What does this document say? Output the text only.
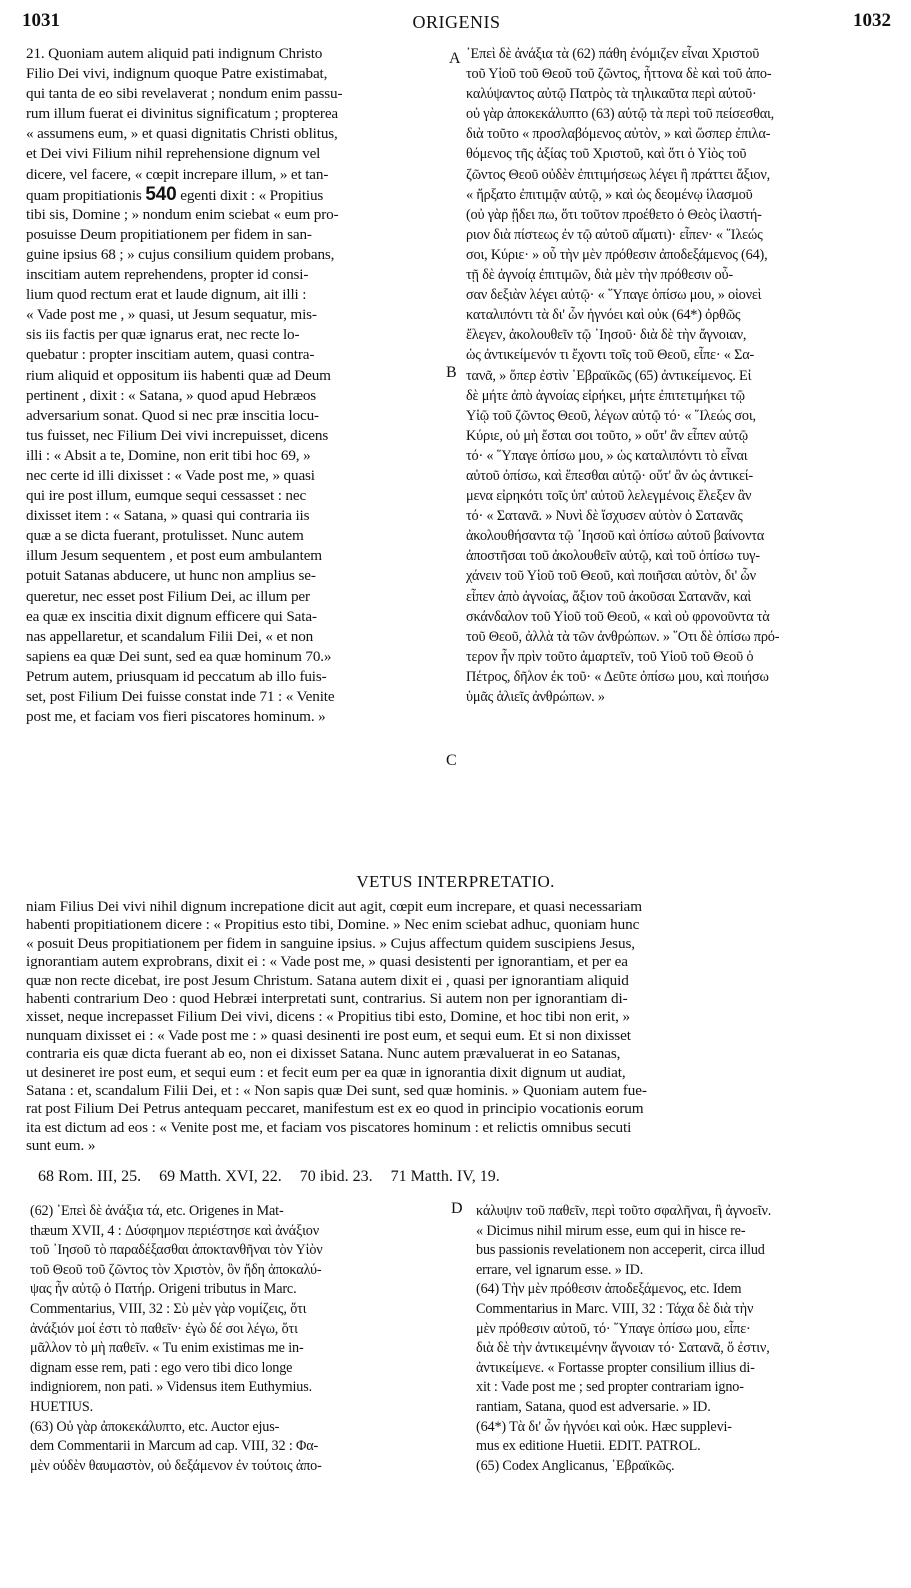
1031	ORIGENIS	1032
21. Quoniam autem aliquid pati indignum Christo
Filio Dei vivi, indignum quoque Patre existimabat,
qui tanta de eo sibi revelaverat ; nondum enim passu-
rum illum fuerat ei divinitus significatum ; propterea
« assumens eum, » et quasi dignitatis Christi oblitus,
et Dei vivi Filium nihil reprehensione dignum vel
dicere, vel facere, « cœpit increpare illum, » et tan-
quam propitiationis 540 egenti dixit : « Propitius
tibi sis, Domine ; » nondum enim sciebat « eum pro-
posuisse Deum propitiationem per fidem in san-
guine ipsius 68 ; » cujus consilium quidem probans,
inscitiam autem reprehendens, propter id consi-
lium quod rectum erat et laude dignum, ait illi :
« Vade post me , » quasi, ut Jesum sequatur, mis-
sis iis factis per quæ ignarus erat, nec recte lo-
quebatur : propter inscitiam autem, quasi contra-
rium aliquid et oppositum iis habenti quæ ad Deum
pertinent , dixit : « Satana, » quod apud Hebræos
adversarium sonat. Quod si nec præ inscitia locu-
tus fuisset, nec Filium Dei vivi increpuisset, dicens
illi : « Absit a te, Domine, non erit tibi hoc 69, »
nec certe id illi dixisset : « Vade post me, » quasi
qui ire post illum, eumque sequi cessasset : nec
dixisset item : « Satana, » quasi qui contraria iis
quæ a se dicta fuerant, protulisset. Nunc autem
illum Jesum sequentem , et post eum ambulantem
potuit Satanas abducere, ut hunc non amplius se-
queretur, nec esset post Filium Dei, ac illum per
ea quæ ex inscitia dixit dignum efficere qui Sata-
nas appellaretur, et scandalum Filii Dei, « et non
sapiens ea quæ Dei sunt, sed ea quæ hominum 70.»
Petrum autem, priusquam id peccatum ab illo fuis-
set, post Filium Dei fuisse constat inde 71 : « Venite
post me, et faciam vos fieri piscatores hominum. »
᾿Επεὶ δὲ ἀνάξια τὰ (62) πάθη ἐνόμιζεν εἶναι Χριστοῦ
τοῦ Υἱοῦ τοῦ Θεοῦ τοῦ ζῶντος, ἧττονα δὲ καὶ τοῦ ἀπο-
καλύψαντος αὐτῷ Πατρὸς τὰ τηλικαῦτα περὶ αὐτοῦ·
οὐ γὰρ ἀποκεκάλυπτο (63) αὐτῷ τὰ περὶ τοῦ πείσεσθαι,
διὰ τοῦτο « προσλαβόμενος αὐτὸν, » καὶ ὥσπερ ἐπιλα-
θόμενος τῆς ἀξίας τοῦ Χριστοῦ, καὶ ὅτι ὁ Υἱὸς τοῦ
ζῶντος Θεοῦ οὐδὲν ἐπιτιμήσεως λέγει ἢ πράττει ἄξιον,
« ἤρξατο ἐπιτιμᾷν αὐτῷ, » καὶ ὡς δεομένῳ ἱλασμοῦ
(οὐ γὰρ ᾔδει πω, ὅτι τοῦτον προέθετο ὁ Θεὸς ἱλαστή-
ριον διὰ πίστεως ἐν τῷ αὐτοῦ αἵματι)· εἶπεν· « ῞Ιλεώς
σοι, Κύριε· » οὗ τὴν μὲν πρόθεσιν ἀποδεξάμενος (64),
τῇ δὲ ἀγνοίᾳ ἐπιτιμῶν, διὰ μὲν τὴν πρόθεσιν οὖ-
σαν δεξιὰν λέγει αὐτῷ· « ῞Υπαγε ὀπίσω μου, » οἱονεὶ
καταλιπόντι τὰ δι' ὧν ἠγνόει καὶ οὐκ (64*) ὀρθῶς
ἔλεγεν, ἀκολουθεῖν τῷ ᾿Ιησοῦ· διὰ δὲ τὴν ἄγνοιαν,
ὡς ἀντικείμενόν τι ἔχοντι τοῖς τοῦ Θεοῦ, εἶπε· « Σα-
τανᾶ, » ὅπερ ἐστὶν ῾Εβραϊκῶς (65) ἀντικείμενος. Εἰ
δὲ μήτε ἀπὸ ἀγνοίας εἰρήκει, μήτε ἐπιτετιμήκει τῷ
Υἱῷ τοῦ ζῶντος Θεοῦ, λέγων αὐτῷ τό· « ῞Ιλεώς σοι,
Κύριε, οὐ μὴ ἔσται σοι τοῦτο, » οὔτ' ἂν εἶπεν αὐτῷ
τό· « ῞Υπαγε ὀπίσω μου, » ὡς καταλιπόντι τὸ εἶναι
αὐτοῦ ὀπίσω, καὶ ἕπεσθαι αὐτῷ· οὔτ' ἂν ὡς ἀντικεί-
μενα εἰρηκότι τοῖς ὑπ' αὐτοῦ λελεγμένοις ἔλεξεν ἂν
τό· « Σατανᾶ. » Νυνὶ δὲ ἴσχυσεν αὐτὸν ὁ Σατανᾶς
ἀκολουθήσαντα τῷ ᾿Ιησοῦ καὶ ὀπίσω αὐτοῦ βαίνοντα
ἀποστῆσαι τοῦ ἀκολουθεῖν αὐτῷ, καὶ τοῦ ὀπίσω τυγ-
χάνειν τοῦ Υἱοῦ τοῦ Θεοῦ, καὶ ποιῆσαι αὐτὸν, δι' ὧν
εἶπεν ἀπὸ ἀγνοίας, ἄξιον τοῦ ἀκοῦσαι Σατανᾶν, καὶ
σκάνδαλον τοῦ Υἱοῦ τοῦ Θεοῦ, « καὶ οὐ φρονοῦντα τὰ
τοῦ Θεοῦ, ἀλλὰ τὰ τῶν ἀνθρώπων. » ῞Οτι δὲ ὀπίσω πρό-
τερον ἦν πρὶν τοῦτο ἁμαρτεῖν, τοῦ Υἱοῦ τοῦ Θεοῦ ὁ
Πέτρος, δῆλον ἐκ τοῦ· « Δεῦτε ὀπίσω μου, καὶ ποιήσω
ὑμᾶς ἁλιεῖς ἀνθρώπων. »
A
B
C
D
VETUS INTERPRETATIO.
niam Filius Dei vivi nihil dignum increpatione dicit aut agit, cœpit eum increpare, et quasi necessariam
habenti propitiationem dicere : « Propitius esto tibi, Domine. » Nec enim sciebat adhuc, quoniam hunc
« posuit Deus propitiationem per fidem in sanguine ipsius. » Cujus affectum quidem suscipiens Jesus,
ignorantiam autem exprobrans, dixit ei : « Vade post me, » quasi desistenti per ignorantiam, et per ea
quæ non recte dicebat, ire post Jesum Christum. Satana autem dixit ei , quasi per ignorantiam aliquid
habenti contrarium Deo : quod Hebræi interpretati sunt, contrarius. Si autem non per ignorantiam di-
xisset, neque increpasset Filium Dei vivi, dicens : « Propitius tibi esto, Domine, et hoc tibi non erit, »
nunquam dixisset ei : « Vade post me : » quasi desinenti ire post eum, et sequi eum. Et si non dixisset
contraria eis quæ dicta fuerant ab eo, non ei dixisset Satana. Nunc autem prævaluerat in eo Satanas,
ut desineret ire post eum, et sequi eum : et fecit eum per ea quæ in ignorantia dixit dignum ut audiat,
Satana : et, scandalum Filii Dei, et : « Non sapis quæ Dei sunt, sed quæ hominis. » Quoniam autem fue-
rat post Filium Dei Petrus antequam peccaret, manifestum est ex eo quod in principio vocationis eorum
ita est dictum ad eos : « Venite post me, et faciam vos piscatores hominum : et relictis omnibus secuti
sunt eum. »
68 Rom. III, 25. 69 Matth. XVI, 22. 70 ibid. 23. 71 Matth. IV, 19.
(62) ᾿Επεὶ δὲ ἀνάξια τά, etc. Origenes in Mat-
thæum XVII, 4 : Δύσφημον περιέστησε καὶ ἀνάξιον
τοῦ ᾿Ιησοῦ τὸ παραδέξασθαι ἀποκτανθῆναι τὸν Υἱὸν
τοῦ Θεοῦ τοῦ ζῶντος τὸν Χριστὸν, ὃν ἤδη ἀποκαλύ-
ψας ἦν αὐτῷ ὁ Πατήρ. Origeni tributus in Marc.
Commentarius, VIII, 32 : Σὺ μὲν γὰρ νομίζεις, ὅτι
ἀνάξιόν μοί ἐστι τὸ παθεῖν· ἐγὼ δέ σοι λέγω, ὅτι
μᾶλλον τὸ μὴ παθεῖν. « Tu enim existimas me in-
dignam esse rem, pati : ego vero tibi dico longe
indigniorem, non pati. » Vidensus item Euthymius.
HUETIUS.
(63) Οὐ γὰρ ἀποκεκάλυπτο, etc. Auctor ejus-
dem Commentarii in Marcum ad cap. VIII, 32 : Φα-
μὲν οὐδὲν θαυμαστὸν, οὐ δεξάμενον ἐν τούτοις ἀπο-
κάλυψιν τοῦ παθεῖν, περὶ τοῦτο σφαλῆναι, ἢ ἀγνοεῖν.
« Dicimus nihil mirum esse, eum qui in hisce re-
bus passionis revelationem non acceperit, circa illud
errare, vel ignarum esse. » ID.
(64) Τὴν μὲν πρόθεσιν ἀποδεξάμενος, etc. Idem
Commentarius in Marc. VIII, 32 : Τάχα δὲ διὰ τὴν
μὲν πρόθεσιν αὐτοῦ, τό· ῞Υπαγε ὀπίσω μου, εἶπε·
διὰ δὲ τὴν ἀντικειμένην ἄγνοιαν τό· Σατανᾶ, ὅ ἐστιν,
ἀντικείμενε. « Fortasse propter consilium illius di-
xit : Vade post me ; sed propter contrariam igno-
rantiam, Satana, quod est adversarie. » ID.
(64*) Τὰ δι' ὧν ἠγνόει καὶ οὐκ. Hæc supplevi-
mus ex editione Huetii. EDIT. PATROL.
(65) Codex Anglicanus, ῾Εβραϊκῶς.
